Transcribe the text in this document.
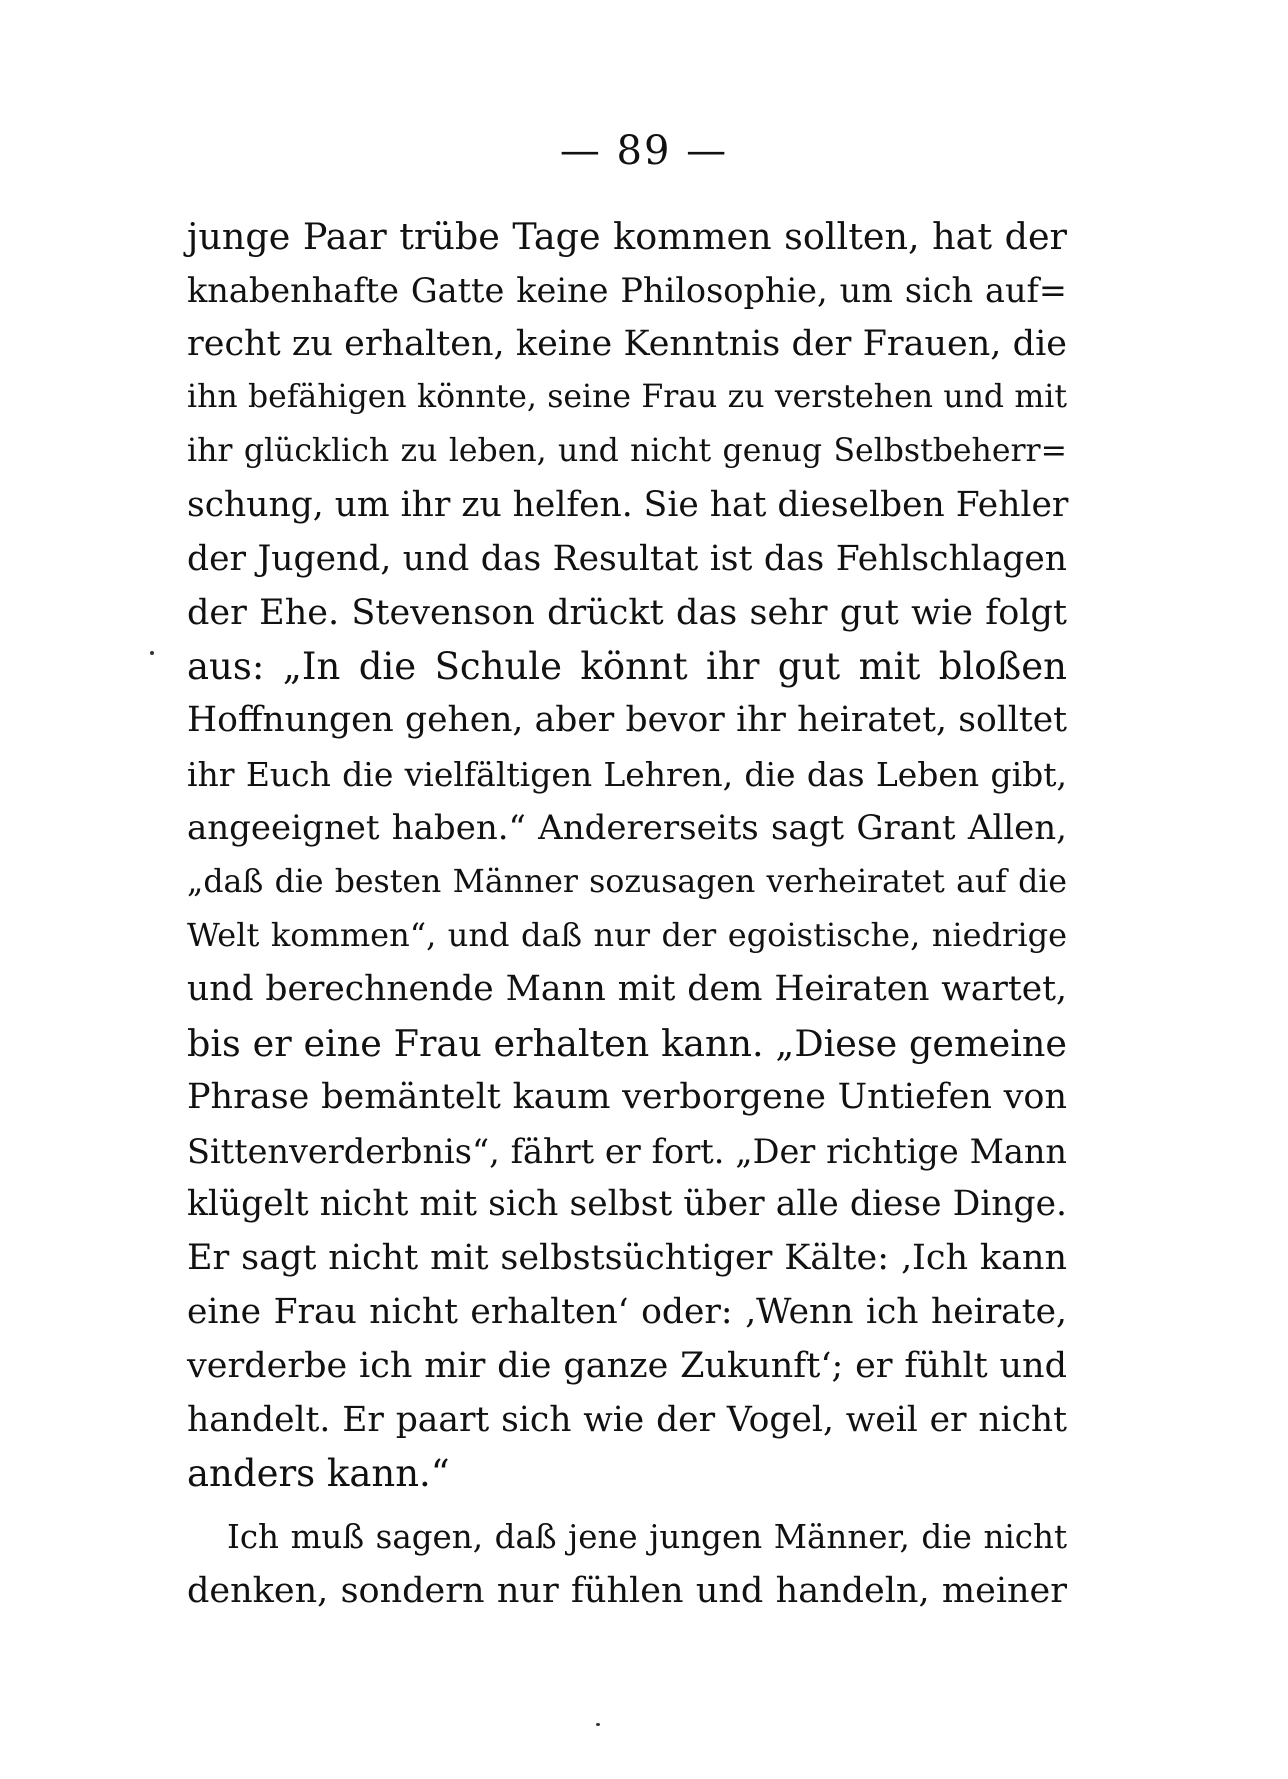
— 89 —
junge Paar trübe Tage kommen sollten, hat der
knabenhafte Gatte keine Philosophie, um sich auf=
recht zu erhalten, keine Kenntnis der Frauen, die
ihn befähigen könnte, seine Frau zu verstehen und mit
ihr glücklich zu leben, und nicht genug Selbstbeherr=
schung, um ihr zu helfen. Sie hat dieselben Fehler
der Jugend, und das Resultat ist das Fehlschlagen
der Ehe. Stevenson drückt das sehr gut wie folgt
aus: „In die Schule könnt ihr gut mit bloßen
Hoffnungen gehen, aber bevor ihr heiratet, solltet
ihr Euch die vielfältigen Lehren, die das Leben gibt,
angeeignet haben.“ Andererseits sagt Grant Allen,
„daß die besten Männer sozusagen verheiratet auf die
Welt kommen“, und daß nur der egoistische, niedrige
und berechnende Mann mit dem Heiraten wartet,
bis er eine Frau erhalten kann. „Diese gemeine
Phrase bemäntelt kaum verborgene Untiefen von
Sittenverderbnis“, fährt er fort. „Der richtige Mann
klügelt nicht mit sich selbst über alle diese Dinge.
Er sagt nicht mit selbstsüchtiger Kälte: ‚Ich kann
eine Frau nicht erhalten‘ oder: ‚Wenn ich heirate,
verderbe ich mir die ganze Zukunft‘; er fühlt und
handelt. Er paart sich wie der Vogel, weil er nicht
anders kann.“
Ich muß sagen, daß jene jungen Männer, die nicht
denken, sondern nur fühlen und handeln, meiner
